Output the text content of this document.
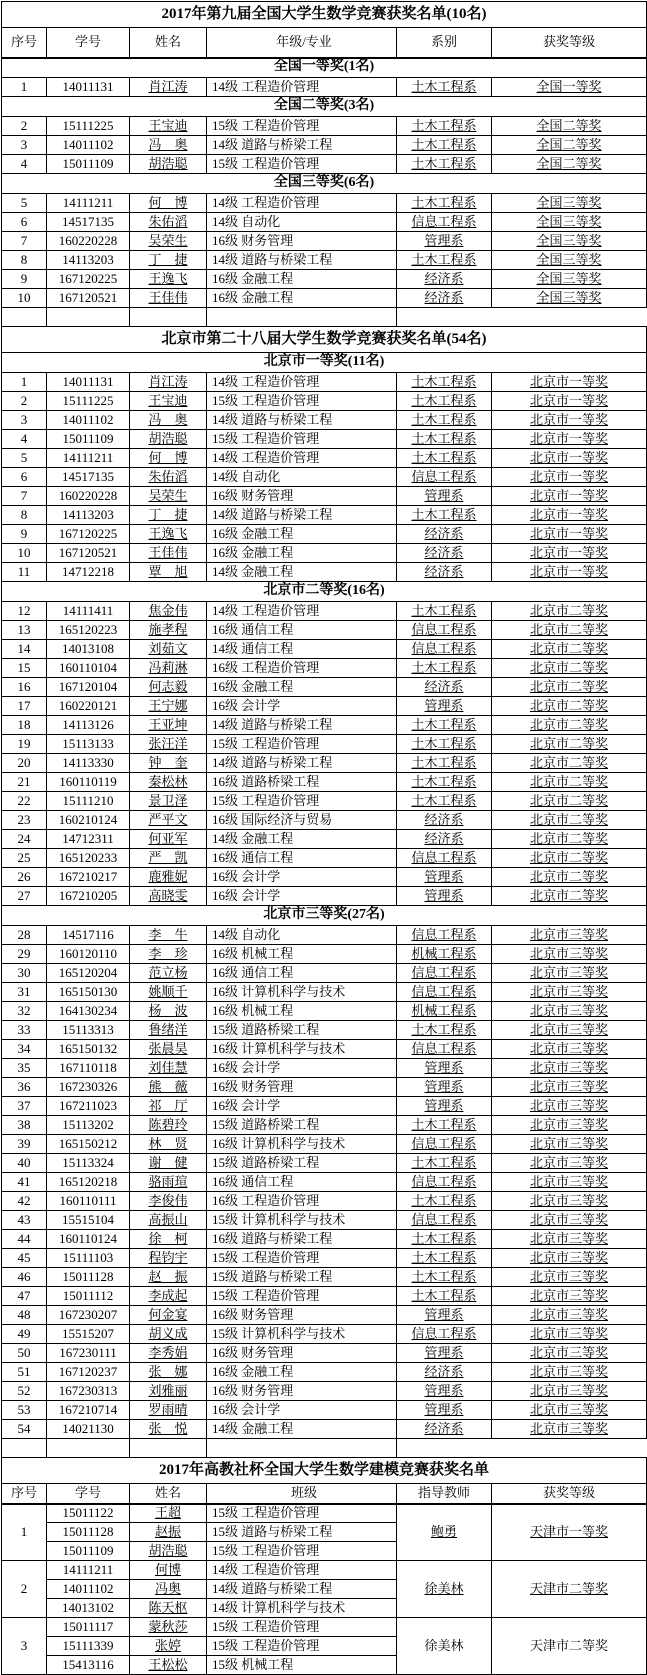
2017年第九届全国大学生数学竞赛获奖名单(10名)					
序号	学号	姓名	年级/专业	系别	获奖等级
全国一等奖(1名)					
1	14011131	肖江涛	14级 工程造价管理	土木工程系	全国一等奖
全国二等奖(3名)					
2	15111225	王宝迪	15级 工程造价管理	土木工程系	全国二等奖
3	14011102	冯　奥	14级 道路与桥梁工程	土木工程系	全国二等奖
4	15011109	胡浩聪	15级 工程造价管理	土木工程系	全国二等奖
全国三等奖(6名)					
5	14111211	何　博	14级 工程造价管理	土木工程系	全国三等奖
6	14517135	朱佑滔	14级 自动化	信息工程系	全国三等奖
7	160220228	吴荣生	16级 财务管理	管理系	全国三等奖
8	14113203	丁　捷	14级 道路与桥梁工程	土木工程系	全国三等奖
9	167120225	王逸飞	16级 金融工程	经济系	全国三等奖
10	167120521	王佳伟	16级 金融工程	经济系	全国三等奖

北京市第二十八届大学生数学竞赛获奖名单(54名)					
北京市一等奖(11名)					
1	14011131	肖江涛	14级 工程造价管理	土木工程系	北京市一等奖
2	15111225	王宝迪	15级 工程造价管理	土木工程系	北京市一等奖
3	14011102	冯　奥	14级 道路与桥梁工程	土木工程系	北京市一等奖
4	15011109	胡浩聪	15级 工程造价管理	土木工程系	北京市一等奖
5	14111211	何　博	14级 工程造价管理	土木工程系	北京市一等奖
6	14517135	朱佑滔	14级 自动化	信息工程系	北京市一等奖
7	160220228	吴荣生	16级 财务管理	管理系	北京市一等奖
8	14113203	丁　捷	14级 道路与桥梁工程	土木工程系	北京市一等奖
9	167120225	王逸飞	16级 金融工程	经济系	北京市一等奖
10	167120521	王佳伟	16级 金融工程	经济系	北京市一等奖
11	14712218	覃　旭	14级 金融工程	经济系	北京市一等奖
北京市二等奖(16名)					
12	14111411	焦金伟	14级 工程造价管理	土木工程系	北京市二等奖
13	165120223	施孝程	16级 通信工程	信息工程系	北京市二等奖
14	14013108	刘茹文	14级 通信工程	信息工程系	北京市二等奖
15	160110104	冯莉淋	16级 工程造价管理	土木工程系	北京市二等奖
16	167120104	何志毅	16级 金融工程	经济系	北京市二等奖
17	160220121	王宁娜	16级 会计学	管理系	北京市二等奖
18	14113126	王亚坤	14级 道路与桥梁工程	土木工程系	北京市二等奖
19	15113133	张汪洋	15级 工程造价管理	土木工程系	北京市二等奖
20	14113330	钟　奎	14级 道路与桥梁工程	土木工程系	北京市二等奖
21	160110119	秦松林	16级 道路桥梁工程	土木工程系	北京市二等奖
22	15111210	景卫泽	15级 工程造价管理	土木工程系	北京市二等奖
23	160210124	严平文	16级 国际经济与贸易	经济系	北京市二等奖
24	14712311	何亚军	14级 金融工程	经济系	北京市二等奖
25	165120233	严　凯	16级 通信工程	信息工程系	北京市二等奖
26	167210217	鹿雅妮	16级 会计学	管理系	北京市二等奖
27	167210205	高晓雯	16级 会计学	管理系	北京市二等奖
北京市三等奖(27名)					
28	14517116	李　牛	14级 自动化	信息工程系	北京市三等奖
29	160120110	李　珍	16级 机械工程	机械工程系	北京市三等奖
30	165120204	范立杨	16级 通信工程	信息工程系	北京市三等奖
31	165150130	姚顺千	16级 计算机科学与技术	信息工程系	北京市三等奖
32	164130234	杨　波	16级 机械工程	机械工程系	北京市三等奖
33	15113313	鲁绪洋	15级 道路桥梁工程	土木工程系	北京市三等奖
34	165150132	张晨昊	16级 计算机科学与技术	信息工程系	北京市三等奖
35	167110118	刘佳慧	16级 会计学	管理系	北京市三等奖
36	167230326	熊　薇	16级 财务管理	管理系	北京市三等奖
37	167211023	祁　厅	16级 会计学	管理系	北京市三等奖
38	15113202	陈碧玲	15级 道路桥梁工程	土木工程系	北京市三等奖
39	165150212	林　贤	16级 计算机科学与技术	信息工程系	北京市三等奖
40	15113324	谢　健	15级 道路桥梁工程	土木工程系	北京市三等奖
41	165120218	骆雨瑄	16级 通信工程	信息工程系	北京市三等奖
42	160110111	李俊伟	16级 工程造价管理	土木工程系	北京市三等奖
43	15515104	高振山	15级 计算机科学与技术	信息工程系	北京市三等奖
44	160110124	徐　柯	16级 道路与桥梁工程	土木工程系	北京市三等奖
45	15111103	程钧宇	15级 工程造价管理	土木工程系	北京市三等奖
46	15011128	赵　振	15级 道路与桥梁工程	土木工程系	北京市三等奖
47	15011112	李成起	15级 工程造价管理	土木工程系	北京市三等奖
48	167230207	何金宴	16级 财务管理	管理系	北京市三等奖
49	15515207	胡义成	15级 计算机科学与技术	信息工程系	北京市三等奖
50	167230111	李秀娟	16级 财务管理	管理系	北京市三等奖
51	167120237	张　娜	16级 金融工程	经济系	北京市三等奖
52	167230313	刘雅丽	16级 财务管理	管理系	北京市三等奖
53	167210714	罗雨晴	16级 会计学	管理系	北京市三等奖
54	14021130	张　悦	14级 金融工程	经济系	北京市三等奖

2017年高教社杯全国大学生数学建模竞赛获奖名单					
序号	学号	姓名	班级	指导教师	获奖等级
1	15011122	王超	15级 工程造价管理	鲍勇	天津市一等奖
	15011128	赵振	15级 道路与桥梁工程		
	15011109	胡浩聪	15级 工程造价管理		
2	14111211	何博	14级 工程造价管理	徐美林	天津市二等奖
	14011102	冯奥	14级 道路与桥梁工程		
	14013102	陈天枢	14级 计算机科学与技术		
3	15011117	蒙秋莎	15级 工程造价管理	徐美林	天津市二等奖
	15111339	张婷	15级 工程造价管理		
	15413116	王松松	15级 机械工程		
